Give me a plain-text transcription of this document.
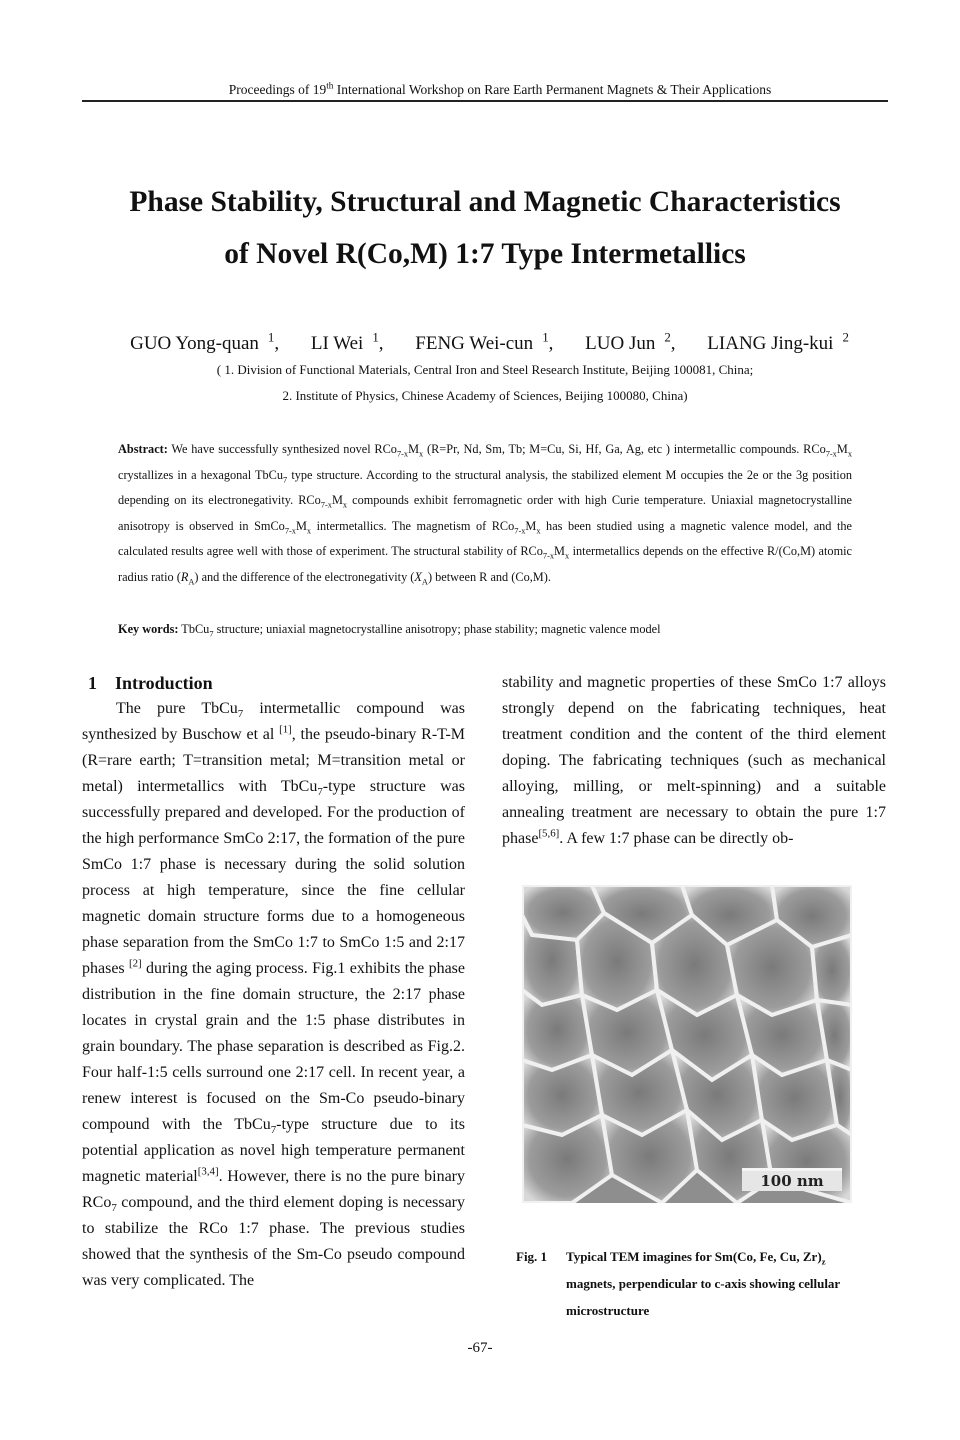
Proceedings of 19th International Workshop on Rare Earth Permanent Magnets & Their Applications
Phase Stability, Structural and Magnetic Characteristics
of Novel R(Co,M) 1:7 Type Intermetallics
GUO Yong-quan $^1$, LI Wei $^1$, FENG Wei-cun $^1$, LUO Jun $^2$, LIANG Jing-kui $^2$
( 1. Division of Functional Materials, Central Iron and Steel Research Institute, Beijing 100081, China;
2. Institute of Physics, Chinese Academy of Sciences, Beijing 100080, China)
Abstract: We have successfully synthesized novel $RCo_{7-x}M_x$ (R=Pr, Nd, Sm, Tb; M=Cu, Si, Hf, Ga, Ag, etc ) intermetallic compounds. $RCo_{7-x}M_x$ crystallizes in a hexagonal TbCu$_7$ type structure. According to the structural analysis, the stabilized element M occupies the 2e or the 3g position depending on its electronegativity. $RCo_{7-x}M_x$ compounds exhibit ferromagnetic order with high Curie temperature. Uniaxial magnetocrystalline anisotropy is observed in $SmCo_{7-x}M_x$ intermetallics. The magnetism of $RCo_{7-x}M_x$ has been studied using a magnetic valence model, and the calculated results agree well with those of experiment. The structural stability of $RCo_{7-x}M_x$ intermetallics depends on the effective R/(Co,M) atomic radius ratio $(R_A)$ and the difference of the electronegativity $(X_A)$ between R and (Co,M).
Key words: TbCu$_7$ structure; uniaxial magnetocrystalline anisotropy; phase stability; magnetic valence model
1 Introduction

The pure TbCu$_7$ intermetallic compound was synthesized by Buschow et al [1], the pseudo-binary R-T-M (R=rare earth; T=transition metal; M=transition metal or metal) intermetallics with TbCu$_7$-type structure was successfully prepared and developed. For the production of the high performance SmCo 2:17, the formation of the pure SmCo 1:7 phase is necessary during the solid solution process at high temperature, since the fine cellular magnetic domain structure forms due to a homogeneous phase separation from the SmCo 1:7 to SmCo 1:5 and 2:17 phases [2] during the aging process. Fig.1 exhibits the phase distribution in the fine domain structure, the 2:17 phase locates in crystal grain and the 1:5 phase distributes in grain boundary. The phase separation is described as Fig.2. Four half-1:5 cells surround one 2:17 cell. In recent year, a renew interest is focused on the Sm-Co pseudo-binary compound with the TbCu$_7$-type structure due to its potential application as novel high temperature permanent magnetic material[3,4]. However, there is no the pure binary RCo$_7$ compound, and the third element doping is necessary to stabilize the RCo 1:7 phase. The previous studies showed that the synthesis of the Sm-Co pseudo compound was very complicated. The

stability and magnetic properties of these SmCo 1:7 alloys strongly depend on the fabricating techniques, heat treatment condition and the content of the third element doping. The fabricating techniques (such as mechanical alloying, milling, or melt-spinning) and a suitable annealing treatment are necessary to obtain the pure 1:7 phase[5,6]. A few 1:7 phase can be directly ob-

100 nm
Fig. 1 Typical TEM imagines for Sm(Co, Fe, Cu, $Zr)_z$ magnets, perpendicular to c-axis showing cellular microstructure
-67-
